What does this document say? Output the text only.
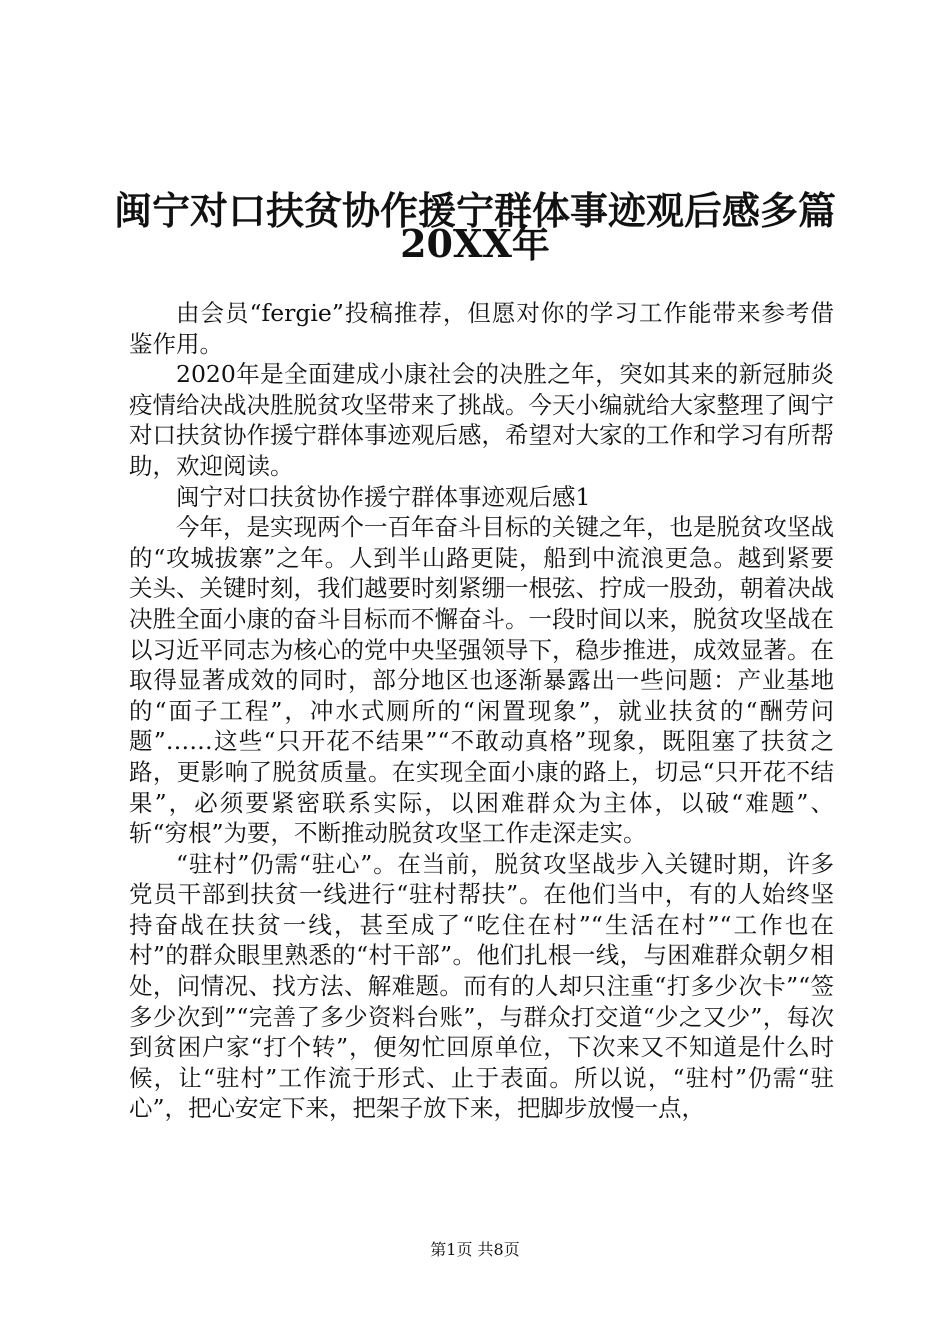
闽宁对口扶贫协作援宁群体事迹观后感多篇
20XX年

由会员“fergie”投稿推荐，但愿对你的学习工作能带来参考借鉴作用。

2020年是全面建成小康社会的决胜之年，突如其来的新冠肺炎疫情给决战决胜脱贫攻坚带来了挑战。今天小编就给大家整理了闽宁对口扶贫协作援宁群体事迹观后感，希望对大家的工作和学习有所帮助，欢迎阅读。

闽宁对口扶贫协作援宁群体事迹观后感1

今年，是实现两个一百年奋斗目标的关键之年，也是脱贫攻坚战的“攻城拔寨”之年。人到半山路更陡，船到中流浪更急。越到紧要关头、关键时刻，我们越要时刻紧绷一根弦、拧成一股劲，朝着决战决胜全面小康的奋斗目标而不懈奋斗。一段时间以来，脱贫攻坚战在以习近平同志为核心的党中央坚强领导下，稳步推进，成效显著。在取得显著成效的同时，部分地区也逐渐暴露出一些问题：产业基地的“面子工程”，冲水式厕所的“闲置现象”，就业扶贫的“酬劳问题”……这些“只开花不结果”“不敢动真格”现象，既阻塞了扶贫之路，更影响了脱贫质量。在实现全面小康的路上，切忌“只开花不结果”，必须要紧密联系实际，以困难群众为主体，以破“难题”、斩“穷根”为要，不断推动脱贫攻坚工作走深走实。

“驻村”仍需“驻心”。在当前，脱贫攻坚战步入关键时期，许多党员干部到扶贫一线进行“驻村帮扶”。在他们当中，有的人始终坚持奋战在扶贫一线，甚至成了“吃住在村”“生活在村”“工作也在村”的群众眼里熟悉的“村干部”。他们扎根一线，与困难群众朝夕相处，问情况、找方法、解难题。而有的人却只注重“打多少次卡”“签多少次到”“完善了多少资料台账”，与群众打交道“少之又少”，每次到贫困户家“打个转”，便匆忙回原单位，下次来又不知道是什么时候，让“驻村”工作流于形式、止于表面。所以说，“驻村”仍需“驻心”，把心安定下来，把架子放下来，把脚步放慢一点，

第1页 共8页
